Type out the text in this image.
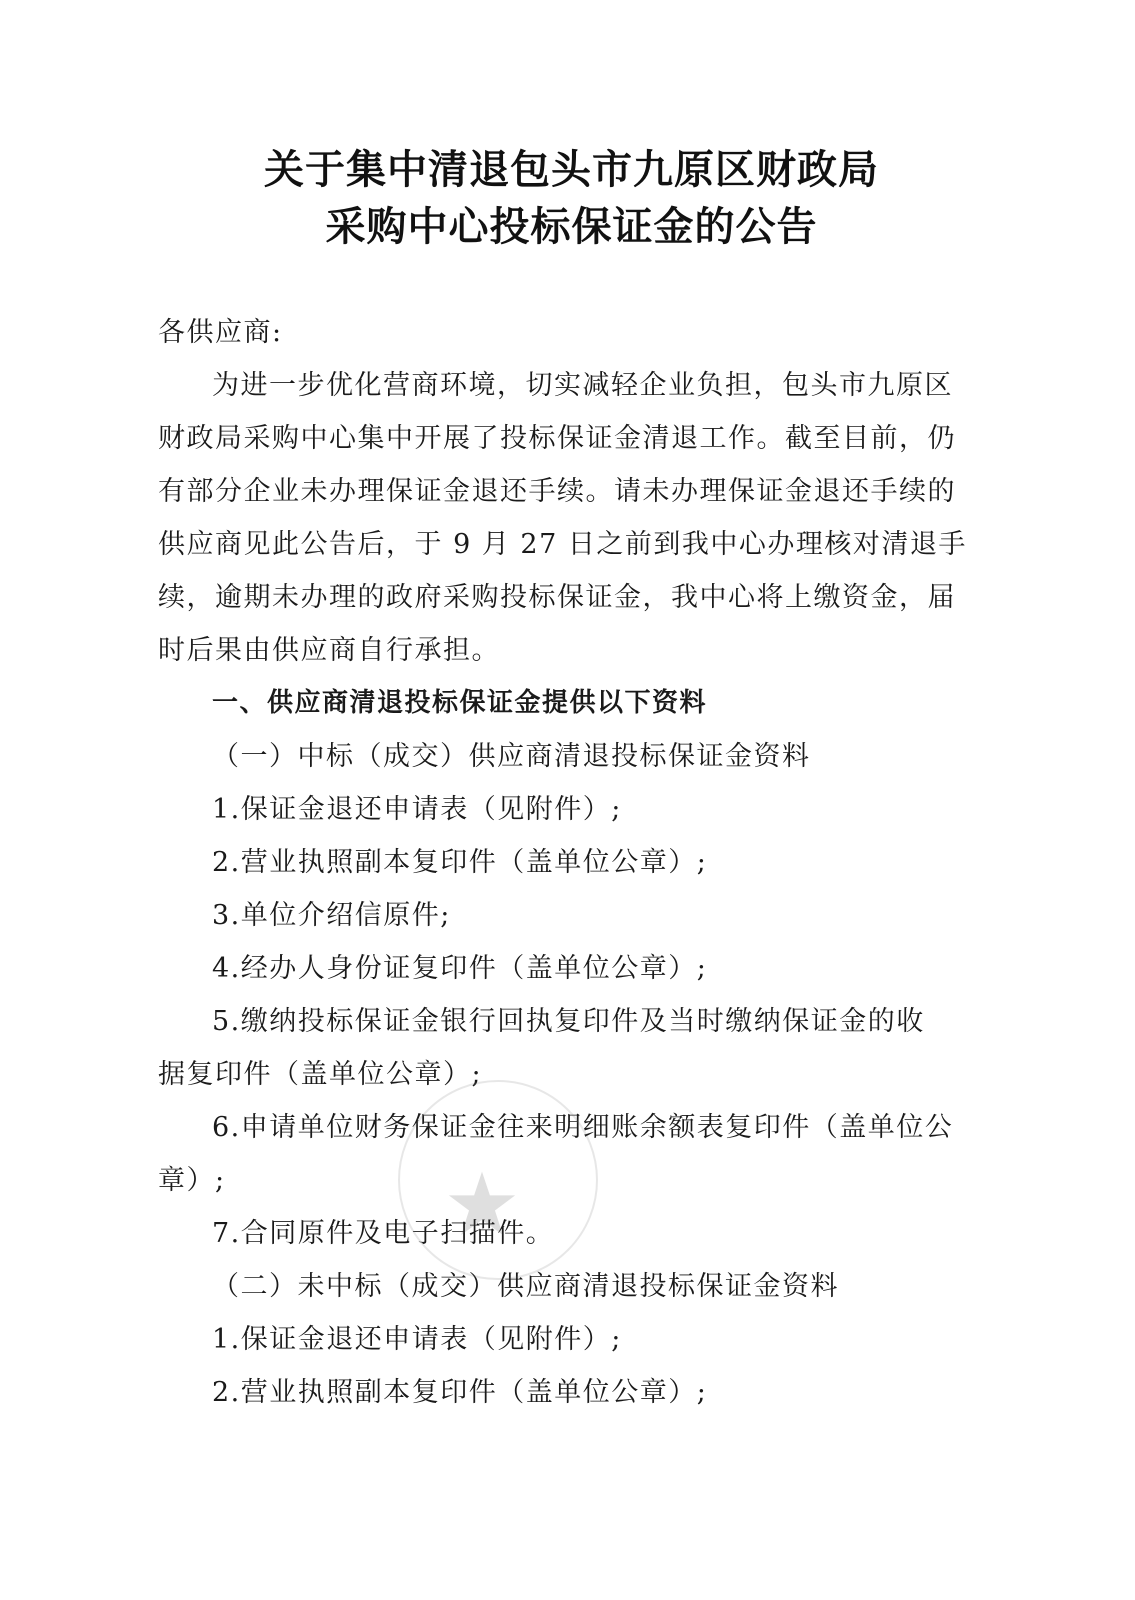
关于集中清退包头市九原区财政局
采购中心投标保证金的公告

各供应商:

为进一步优化营商环境，切实减轻企业负担，包头市九原区

财政局采购中心集中开展了投标保证金清退工作。截至目前，仍

有部分企业未办理保证金退还手续。请未办理保证金退还手续的

供应商见此公告后，于 9 月 27 日之前到我中心办理核对清退手

续，逾期未办理的政府采购投标保证金，我中心将上缴资金，届

时后果由供应商自行承担。

一、供应商清退投标保证金提供以下资料

（一）中标（成交）供应商清退投标保证金资料

1.保证金退还申请表（见附件）;

2.营业执照副本复印件（盖单位公章）;

3.单位介绍信原件;

4.经办人身份证复印件（盖单位公章）;

5.缴纳投标保证金银行回执复印件及当时缴纳保证金的收

据复印件（盖单位公章）;

6.申请单位财务保证金往来明细账余额表复印件（盖单位公

章）;

7.合同原件及电子扫描件。

（二）未中标（成交）供应商清退投标保证金资料

1.保证金退还申请表（见附件）;

2.营业执照副本复印件（盖单位公章）;
